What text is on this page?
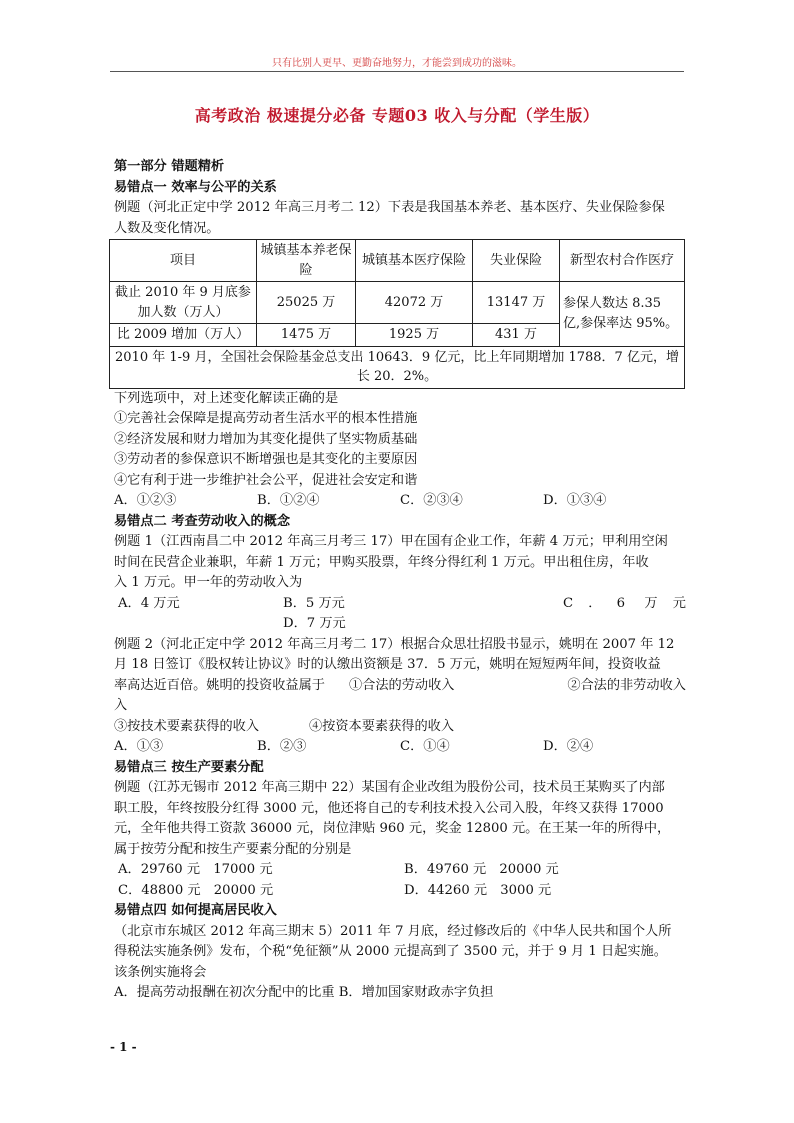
只有比别人更早、更勤奋地努力，才能尝到成功的滋味。
高考政治 极速提分必备 专题03 收入与分配（学生版）

第一部分 错题精析

易错点一 效率与公平的关系

例题（河北正定中学 2012 年高三月考二 12）下表是我国基本养老、基本医疗、失业保险参保

人数及变化情况。

项目	城镇基本养老保险	城镇基本医疗保险	失业保险	新型农村合作医疗
截止 2010 年 9 月底参加人数（万人）	25025 万	42072 万	13147 万	参保人数达 8.35 亿,参保率达 95%。
比 2009 增加（万人）	1475 万	1925 万	431 万	
2010 年 1-9 月，全国社会保险基金总支出 10643．9 亿元，比上年同期增加 1788．7 亿元，增长 20．2%。				

下列选项中，对上述变化解读正确的是

①完善社会保障是提高劳动者生活水平的根本性措施

②经济发展和财力增加为其变化提供了坚实物质基础

③劳动者的参保意识不断增强也是其变化的主要原因

④它有利于进一步维护社会公平，促进社会安定和谐

A．①②③	B．①②④	C．②③④	D．①③④

易错点二 考查劳动收入的概念

例题 1（江西南昌二中 2012 年高三月考三 17）甲在国有企业工作，年薪 4 万元；甲利用空闲

时间在民营企业兼职，年薪 1 万元；甲购买股票，年终分得红利 1 万元。甲出租住房，年收

入 1 万元。甲一年的劳动收入为

A．4 万元	B．5 万元	C．6 万元
D．7 万元

例题 2（河北正定中学 2012 年高三月考二 17）根据合众思壮招股书显示，姚明在 2007 年 12

月 18 日签订《股权转让协议》时的认缴出资额是 37．5 万元，姚明在短短两年间，投资收益

率高达近百倍。姚明的投资收益属于	①合法的劳动收入	②合法的非劳动收入

入

③按技术要素获得的收入	④按资本要素获得的收入
A．①③	B．②③	C．①④	D．②④

易错点三 按生产要素分配

例题（江苏无锡市 2012 年高三期中 22）某国有企业改组为股份公司，技术员王某购买了内部

职工股，年终按股分红得 3000 元，他还将自己的专利技术投入公司入股，年终又获得 17000

元，全年他共得工资款 36000 元，岗位津贴 960 元，奖金 12800 元。在王某一年的所得中，

属于按劳分配和按生产要素分配的分别是

A．29760 元　17000 元	B．49760 元　20000 元
C．48800 元　20000 元	D．44260 元　3000 元

易错点四 如何提高居民收入

（北京市东城区 2012 年高三期末 5）2011 年 7 月底，经过修改后的《中华人民共和国个人所

得税法实施条例》发布，个税“免征额”从 2000 元提高到了 3500 元，并于 9 月 1 日起实施。

该条例实施将会

A．提高劳动报酬在初次分配中的比重 B．增加国家财政赤字负担

- 1 -
